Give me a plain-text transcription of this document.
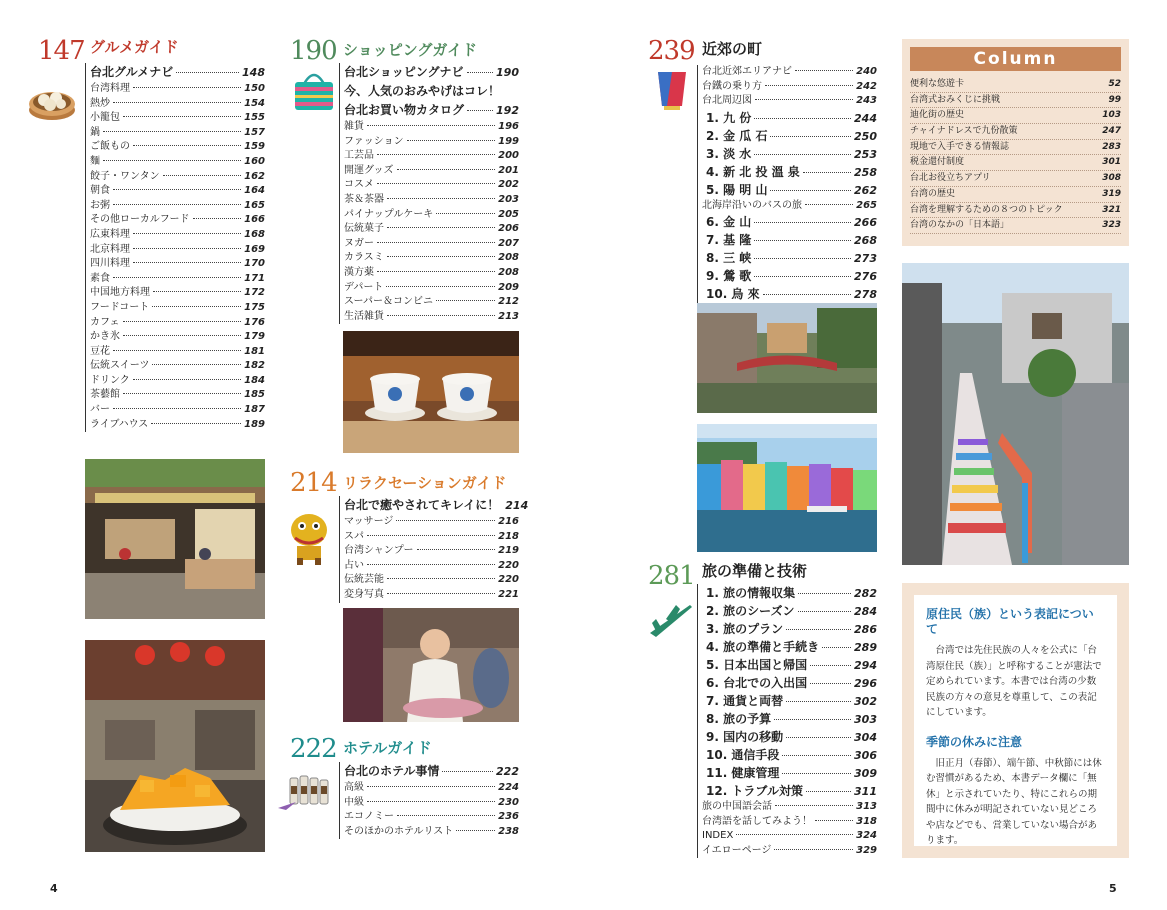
147 グルメガイド
台北グルメナビ	148
台湾料理	150
熱炒	154
小籠包	155
鍋	157
ご飯もの	159
麵	160
餃子・ワンタン	162
朝食	164
お粥	165
その他ローカルフード	166
広東料理	168
北京料理	169
四川料理	170
素食	171
中国地方料理	172
フードコート	175
カフェ	176
かき氷	179
豆花	181
伝統スイーツ	182
ドリンク	184
茶藝館	185
バー	187
ライブハウス	189
190 ショッピングガイド
台北ショッピングナビ	190
今、人気のおみやげはコレ！
台北お買い物カタログ	192
雑貨	196
ファッション	199
工芸品	200
開運グッズ	201
コスメ	202
茶＆茶器	203
パイナップルケーキ	205
伝統菓子	206
ヌガー	207
カラスミ	208
漢方薬	208
デパート	209
スーパー＆コンビニ	212
生活雑貨	213
214 リラクセーションガイド
台北で癒やされてキレイに！ 214
マッサージ	216
スパ	218
台湾シャンプー	219
占い	220
伝統芸能	220
変身写真	221
222 ホテルガイド
台北のホテル事情	222
高級	224
中級	230
エコノミー	236
そのほかのホテルリスト	238
239 近郊の町
台北近郊エリアナビ	240
台鐵の乗り方	242
台北周辺図	243
1. 九 份	244
2. 金 瓜 石	250
3. 淡 水	253
4. 新 北 投 溫 泉	258
5. 陽 明 山	262
北海岸沿いのバスの旅	265
6. 金 山	266
7. 基 隆	268
8. 三 峡	273
9. 鶯 歌	276
10. 烏 來	278
281 旅の準備と技術
1. 旅の情報収集	282
2. 旅のシーズン	284
3. 旅のプラン	286
4. 旅の準備と手続き	289
5. 日本出国と帰国	294
6. 台北での入出国	296
7. 通貨と両替	302
8. 旅の予算	303
9. 国内の移動	304
10. 通信手段	306
11. 健康管理	309
12. トラブル対策	311
旅の中国語会話	313
台湾語を話してみよう！	318
INDEX	324
イエローページ	329
Column
便利な悠遊卡	52
台湾式おみくじに挑戦	99
迪化街の歴史	103
チャイナドレスで九份散策	247
現地で入手できる情報誌	283
税金還付制度	301
台北お役立ちアプリ	308
台湾の歴史	319
台湾を理解するための８つのトピック	321
台湾のなかの「日本語」	323
原住民（族）という表記について
台湾では先住民族の人々を公式に「台湾原住民（族）」と呼称することが憲法で定められています。本書では台湾の少数民族の方々の意見を尊重して、この表記にしています。
季節の休みに注意
旧正月（春節）、端午節、中秋節には休む習慣があるため、本書データ欄に「無休」と示されていたり、特にこれらの期間中に休みが明記されていない見どころや店などでも、営業していない場合があります。
4	5
